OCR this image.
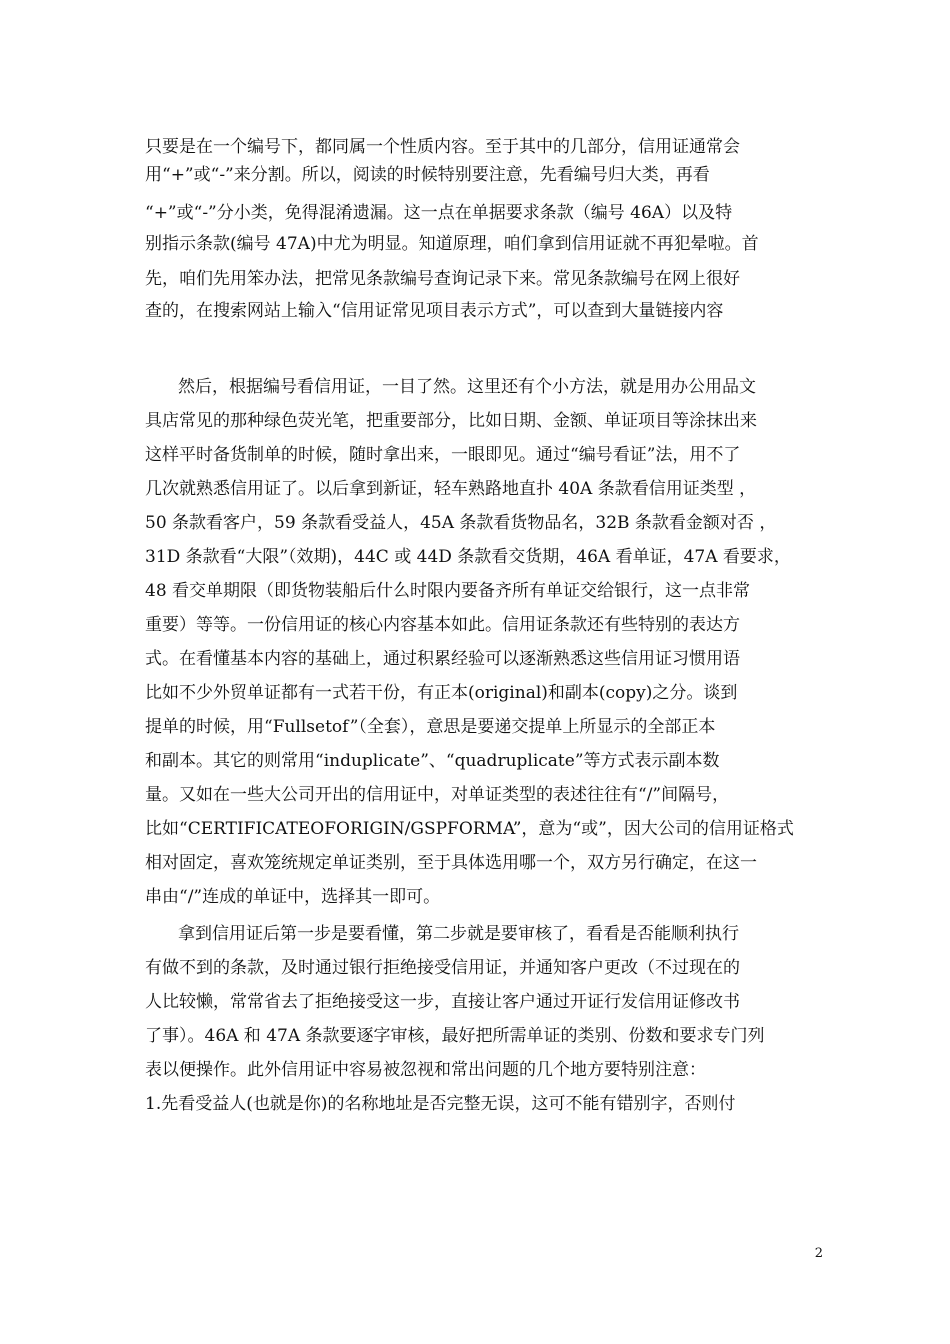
只要是在一个编号下，都同属一个性质内容。至于其中的几部分，信用证通常会
用“+”或“-”来分割。所以，阅读的时候特别要注意，先看编号归大类，再看
“+”或“-”分小类，免得混淆遗漏。这一点在单据要求条款（编号 46A）以及特
别指示条款(编号 47A)中尤为明显。知道原理，咱们拿到信用证就不再犯晕啦。首
先，咱们先用笨办法，把常见条款编号查询记录下来。常见条款编号在网上很好
查的，在搜索网站上输入“信用证常见项目表示方式”，可以查到大量链接内容
然后，根据编号看信用证，一目了然。这里还有个小方法，就是用办公用品文
具店常见的那种绿色荧光笔，把重要部分，比如日期、金额、单证项目等涂抹出来
这样平时备货制单的时候，随时拿出来，一眼即见。通过“编号看证”法，用不了
几次就熟悉信用证了。以后拿到新证，轻车熟路地直扑 40A 条款看信用证类型 ，
50 条款看客户，59 条款看受益人，45A 条款看货物品名，32B 条款看金额对否 ，
31D 条款看“大限”（效期)，44C 或 44D 条款看交货期，46A 看单证，47A 看要求，
48 看交单期限（即货物装船后什么时限内要备齐所有单证交给银行，这一点非常
重要）等等。一份信用证的核心内容基本如此。信用证条款还有些特别的表达方
式。在看懂基本内容的基础上，通过积累经验可以逐渐熟悉这些信用证习惯用语
比如不少外贸单证都有一式若干份，有正本(original)和副本(copy)之分。谈到
提单的时候，用“Fullsetof”（全套），意思是要递交提单上所显示的全部正本
和副本。其它的则常用“induplicate”、“quadruplicate”等方式表示副本数
量。又如在一些大公司开出的信用证中，对单证类型的表述往往有“/”间隔号，
比如“CERTIFICATEOFORIGIN/GSPFORMA”，意为“或”，因大公司的信用证格式
相对固定，喜欢笼统规定单证类别，至于具体选用哪一个，双方另行确定，在这一
串由“/”连成的单证中，选择其一即可。
拿到信用证后第一步是要看懂，第二步就是要审核了，看看是否能顺利执行
有做不到的条款，及时通过银行拒绝接受信用证，并通知客户更改（不过现在的
人比较懒，常常省去了拒绝接受这一步，直接让客户通过开证行发信用证修改书
了事）。46A 和 47A 条款要逐字审核，最好把所需单证的类别、份数和要求专门列
表以便操作。此外信用证中容易被忽视和常出问题的几个地方要特别注意：
1.先看受益人(也就是你)的名称地址是否完整无误，这可不能有错别字，否则付
2
